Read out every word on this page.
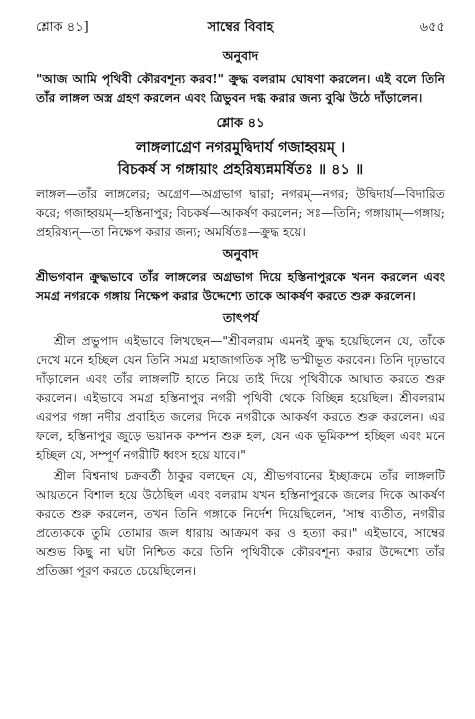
শ্লোক ৪১]	সাম্বের বিবাহ	৬৫৫
অনুবাদ

"আজ আমি পৃথিবী কৌরবশূন্য করব!" ক্রুদ্ধ বলরাম ঘোষণা করলেন। এই বলে তিনি তাঁর লাঙ্গল অস্ত্র গ্রহণ করলেন এবং ত্রিভুবন দগ্ধ করার জন্য বুঝি উঠে দাঁড়ালেন।

শ্লোক ৪১
লাঙ্গলাগ্রেণ নগরমুদ্বিদার্য গজাহ্বয়ম্ ।
বিচকর্ষ স গঙ্গায়াং প্রহরিষ্যন্নমর্ষিতঃ ॥ ৪১ ॥

লাঙ্গল—তাঁর লাঙ্গলের; অগ্রেণ—অগ্রভাগ দ্বারা; নগরম্—নগর; উদ্বিদার্য—বিদারিত করে; গজাহ্বয়ম্—হস্তিনাপুর; বিচকর্ষ—আকর্ষণ করলেন; সঃ—তিনি; গঙ্গায়াম্—গঙ্গায়; প্রহরিষ্যন্—তা নিক্ষেপ করার জন্য; অমর্ষিতঃ—ক্রুদ্ধ হয়ে।

অনুবাদ

শ্রীভগবান ক্রুদ্ধভাবে তাঁর লাঙ্গলের অগ্রভাগ দিয়ে হস্তিনাপুরকে খনন করলেন এবং সমগ্র নগরকে গঙ্গায় নিক্ষেপ করার উদ্দেশ্যে তাকে আকর্ষণ করতে শুরু করলেন।

তাৎপর্য

শ্রীল প্রভুপাদ এইভাবে লিখছেন—"শ্রীবলরাম এমনই ক্রুদ্ধ হয়েছিলেন যে, তাঁকে দেখে মনে হচ্ছিল যেন তিনি সমগ্র মহাজাগতিক সৃষ্টি ভস্মীভূত করবেন। তিনি দৃঢ়ভাবে দাঁড়ালেন এবং তাঁর লাঙ্গলটি হাতে নিয়ে তাই দিয়ে পৃথিবীকে আঘাত করতে শুরু করলেন। এইভাবে সমগ্র হস্তিনাপুর নগরী পৃথিবী থেকে বিচ্ছিন্ন হয়েছিল। শ্রীবলরাম এরপর গঙ্গা নদীর প্রবাহিত জলের দিকে নগরীকে আকর্ষণ করতে শুরু করলেন। এর ফলে, হস্তিনাপুর জুড়ে ভয়ানক কম্পন শুরু হল, যেন এক ভূমিকম্প হচ্ছিল এবং মনে হচ্ছিল যে, সম্পূর্ণ নগরীটি ধ্বংস হয়ে যাবে।"

শ্রীল বিশ্বনাথ চক্রবর্তী ঠাকুর বলছেন যে, শ্রীভগবানের ইচ্ছাক্রমে তাঁর লাঙ্গলটি আয়তনে বিশাল হয়ে উঠেছিল এবং বলরাম যখন হস্তিনাপুরকে জলের দিকে আকর্ষণ করতে শুরু করলেন, তখন তিনি গঙ্গাকে নির্দেশ দিয়েছিলেন, 'সাম্ব ব্যতীত, নগরীর প্রত্যেককে তুমি তোমার জল ধারায় আক্রমণ কর ও হত্যা কর।" এইভাবে, সাম্বের অশুভ কিছু না ঘটা নিশ্চিত করে তিনি পৃথিবীকে কৌরবশূন্য করার উদ্দেশ্যে তাঁর প্রতিজ্ঞা পূরণ করতে চেয়েছিলেন।
